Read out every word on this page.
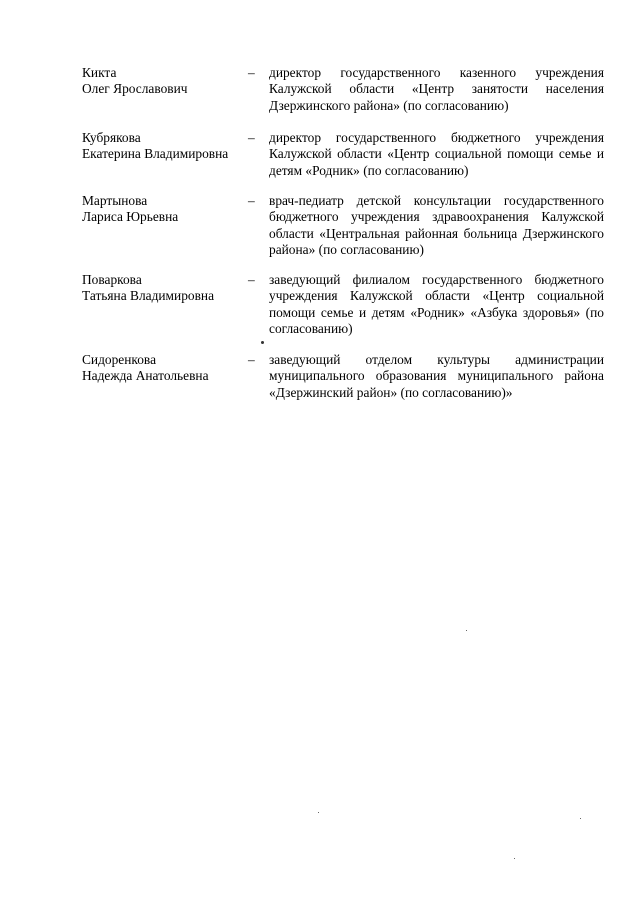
Кикта
Олег Ярославович
– директор государственного казенного учреждения Калужской области «Центр занятости населения Дзержинского района» (по согласованию)
Кубрякова
Екатерина Владимировна
– директор государственного бюджетного учреждения Калужской области «Центр социальной помощи семье и детям «Родник» (по согласованию)
Мартынова
Лариса Юрьевна
– врач-педиатр детской консультации государственного бюджетного учреждения здравоохранения Калужской области «Центральная районная больница Дзержинского района» (по согласованию)
Поваркова
Татьяна Владимировна
– заведующий филиалом государственного бюджетного учреждения Калужской области «Центр социальной помощи семье и детям «Родник» «Азбука здоровья» (по согласованию)
Сидоренкова
Надежда Анатольевна
– заведующий отделом культуры администрации муниципального образования муниципального района «Дзержинский район» (по согласованию)»
